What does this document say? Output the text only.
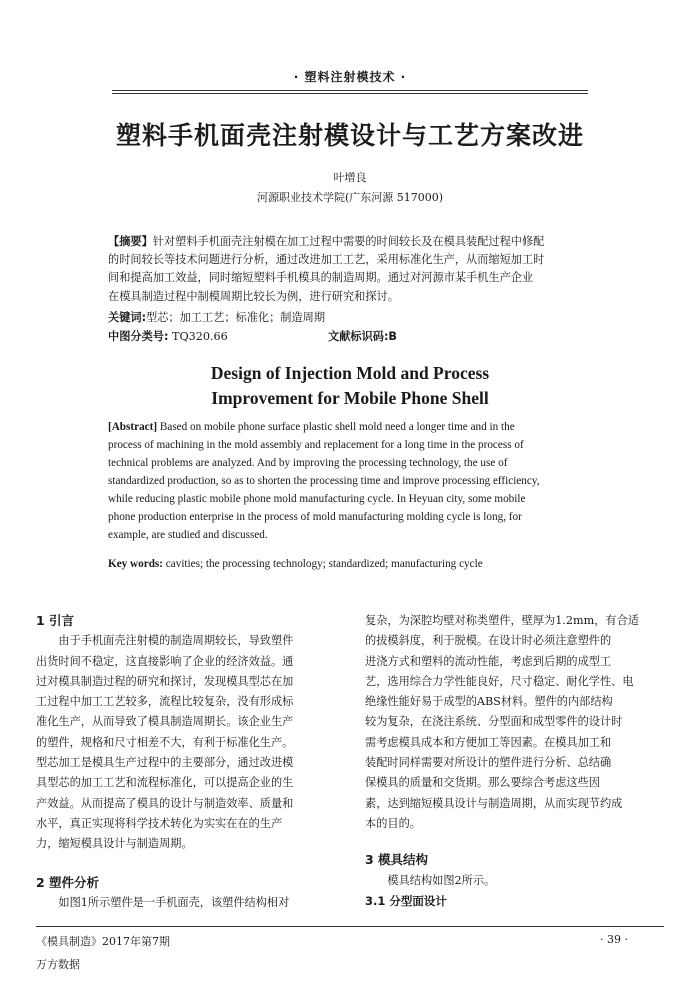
· 塑料注射模技术 ·
塑料手机面壳注射模设计与工艺方案改进
叶增良
河源职业技术学院(广东河源 517000)
【摘要】针对塑料手机面壳注射模在加工过程中需要的时间较长及在模具装配过程中修配
的时间较长等技术问题进行分析，通过改进加工工艺，采用标准化生产，从而缩短加工时
间和提高加工效益，同时缩短塑料手机模具的制造周期。通过对河源市某手机生产企业
在模具制造过程中制模周期比较长为例，进行研究和探讨。
关键词:型芯；加工工艺；标准化；制造周期
中图分类号: TQ320.66	文献标识码:B
Design of Injection Mold and Process
Improvement for Mobile Phone Shell
[Abstract] Based on mobile phone surface plastic shell mold need a longer time and in the
process of machining in the mold assembly and replacement for a long time in the process of
technical problems are analyzed. And by improving the processing technology, the use of
standardized production, so as to shorten the processing time and improve processing efficiency,
while reducing plastic mobile phone mold manufacturing cycle. In Heyuan city, some mobile
phone production enterprise in the process of mold manufacturing molding cycle is long, for
example, are studied and discussed.
Key words: cavities; the processing technology; standardized; manufacturing cycle
1 引言
由于手机面壳注射模的制造周期较长，导致塑件
出货时间不稳定，这直接影响了企业的经济效益。通
过对模具制造过程的研究和探讨，发现模具型芯在加
工过程中加工工艺较多，流程比较复杂，没有形成标
准化生产，从而导致了模具制造周期长。该企业生产
的塑件，规格和尺寸相差不大，有利于标准化生产。
型芯加工是模具生产过程中的主要部分，通过改进模
具型芯的加工工艺和流程标准化，可以提高企业的生
产效益。从而提高了模具的设计与制造效率、质量和
水平，真正实现将科学技术转化为实实在在的生产
力，缩短模具设计与制造周期。
2 塑件分析
如图1所示塑件是一手机面壳，该塑件结构相对
复杂，为深腔均壁对称类塑件，壁厚为1.2mm，有合适
的拔模斜度，利于脱模。在设计时必须注意塑件的
进浇方式和塑料的流动性能，考虑到后期的成型工
艺，选用综合力学性能良好，尺寸稳定、耐化学性、电
绝缘性能好易于成型的ABS材料。塑件的内部结构
较为复杂，在浇注系统、分型面和成型零件的设计时
需考虑模具成本和方便加工等因素。在模具加工和
装配时同样需要对所设计的塑件进行分析、总结确
保模具的质量和交货期。那么要综合考虑这些因
素，达到缩短模具设计与制造周期，从而实现节约成
本的目的。
3 模具结构
模具结构如图2所示。
3.1 分型面设计
《模具制造》2017年第7期	· 39 ·
万方数据
